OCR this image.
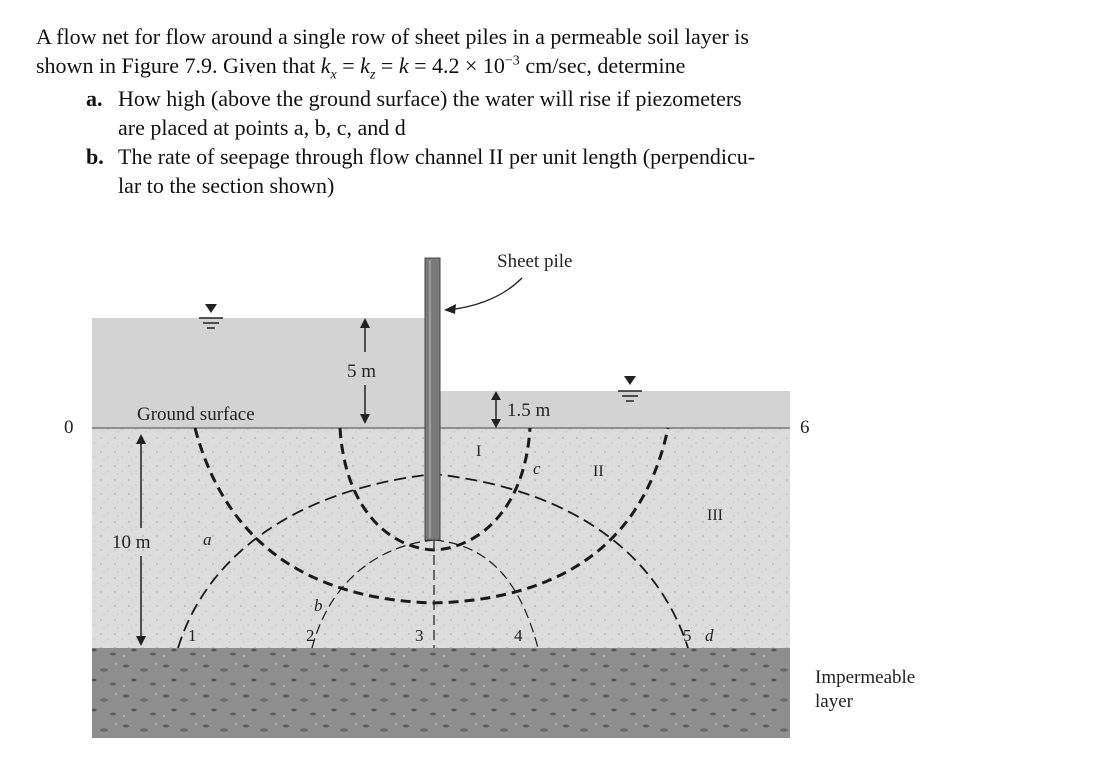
A flow net for flow around a single row of sheet piles in a permeable soil layer is

shown in Figure 7.9. Given that $k_x = k_z = k = 4.2 \times 10^{-3}$ cm/sec, determine

a. How high (above the ground surface) the water will rise if piezometers
are placed at points a, b, c, and d
b. The rate of seepage through flow channel II per unit length (perpendicu-
lar to the section shown)
Sheet pile
5 m
1.5 m
Ground surface
0	6
10 m
I
II
III
1	2	3	4	5
a
b
c
d
Impermeable
layer
